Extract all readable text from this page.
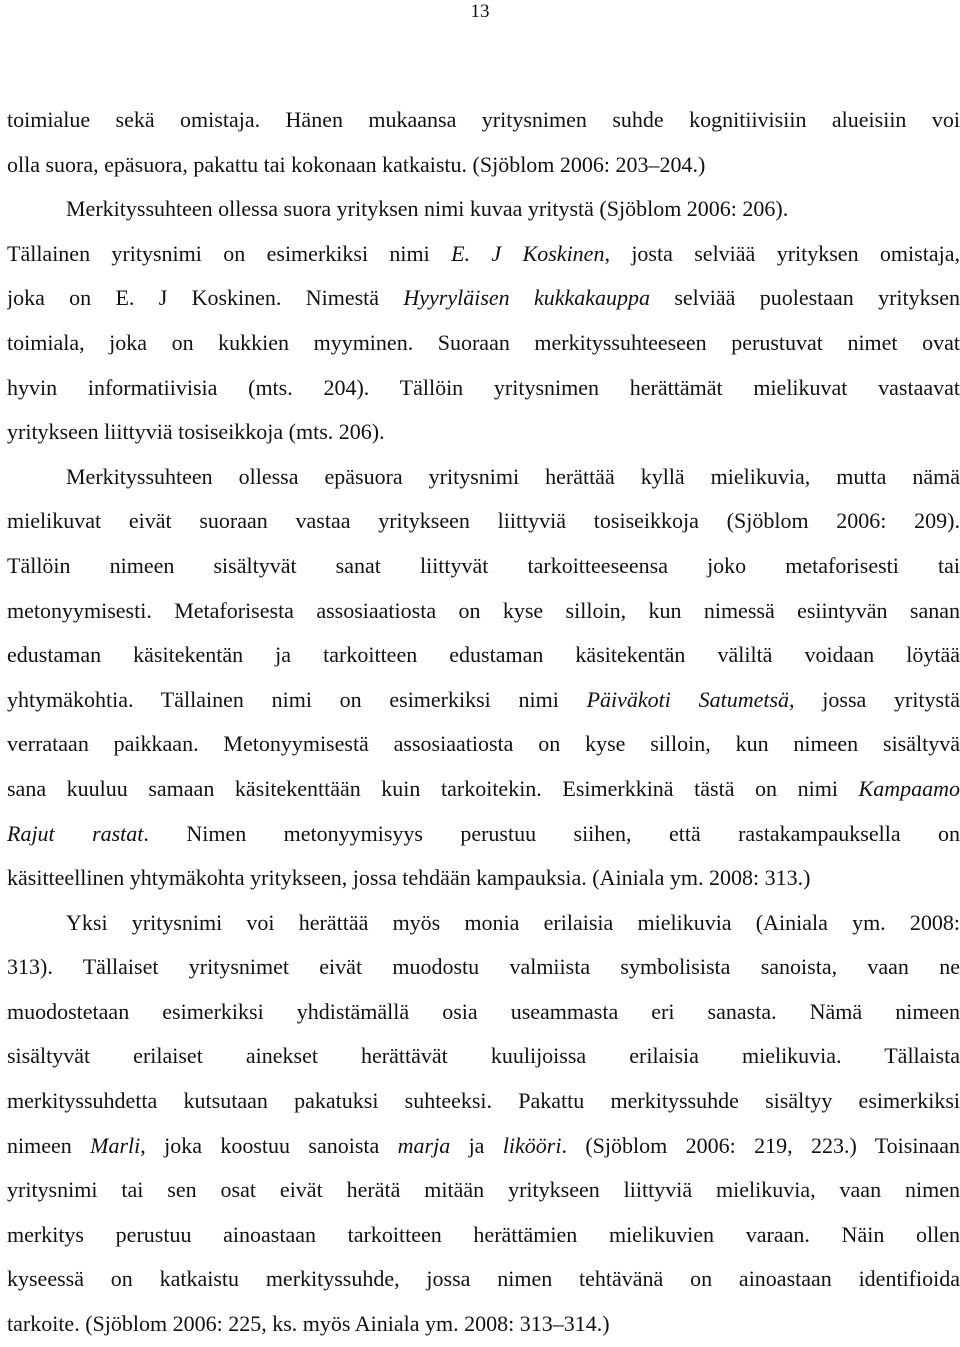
13
toimialue sekä omistaja. Hänen mukaansa yritysnimen suhde kognitiivisiin alueisiin voi
olla suora, epäsuora, pakattu tai kokonaan katkaistu. (Sjöblom 2006: 203–204.)
Merkityssuhteen ollessa suora yrityksen nimi kuvaa yritystä (Sjöblom 2006: 206).
Tällainen yritysnimi on esimerkiksi nimi E. J Koskinen, josta selviää yrityksen omistaja,
joka on E. J Koskinen. Nimestä Hyyryläisen kukkakauppa selviää puolestaan yrityksen
toimiala, joka on kukkien myyminen. Suoraan merkityssuhteeseen perustuvat nimet ovat
hyvin informatiivisia (mts. 204). Tällöin yritysnimen herättämät mielikuvat vastaavat
yritykseen liittyviä tosiseikkoja (mts. 206).
Merkityssuhteen ollessa epäsuora yritysnimi herättää kyllä mielikuvia, mutta nämä
mielikuvat eivät suoraan vastaa yritykseen liittyviä tosiseikkoja (Sjöblom 2006: 209).
Tällöin nimeen sisältyvät sanat liittyvät tarkoitteeseensa joko metaforisesti tai
metonyymisesti. Metaforisesta assosiaatiosta on kyse silloin, kun nimessä esiintyvän sanan
edustaman käsitekentän ja tarkoitteen edustaman käsitekentän väliltä voidaan löytää
yhtymäkohtia. Tällainen nimi on esimerkiksi nimi Päiväkoti Satumetsä, jossa yritystä
verrataan paikkaan. Metonyymisestä assosiaatiosta on kyse silloin, kun nimeen sisältyvä
sana kuuluu samaan käsitekenttään kuin tarkoitekin. Esimerkkinä tästä on nimi Kampaamo
Rajut rastat. Nimen metonyymisyys perustuu siihen, että rastakampauksella on
käsitteellinen yhtymäkohta yritykseen, jossa tehdään kampauksia. (Ainiala ym. 2008: 313.)
Yksi yritysnimi voi herättää myös monia erilaisia mielikuvia (Ainiala ym. 2008:
313). Tällaiset yritysnimet eivät muodostu valmiista symbolisista sanoista, vaan ne
muodostetaan esimerkiksi yhdistämällä osia useammasta eri sanasta. Nämä nimeen
sisältyvät erilaiset ainekset herättävät kuulijoissa erilaisia mielikuvia. Tällaista
merkityssuhdetta kutsutaan pakatuksi suhteeksi. Pakattu merkityssuhde sisältyy esimerkiksi
nimeen Marli, joka koostuu sanoista marja ja likööri. (Sjöblom 2006: 219, 223.) Toisinaan
yritysnimi tai sen osat eivät herätä mitään yritykseen liittyviä mielikuvia, vaan nimen
merkitys perustuu ainoastaan tarkoitteen herättämien mielikuvien varaan. Näin ollen
kyseessä on katkaistu merkityssuhde, jossa nimen tehtävänä on ainoastaan identifioida
tarkoite. (Sjöblom 2006: 225, ks. myös Ainiala ym. 2008: 313–314.)
